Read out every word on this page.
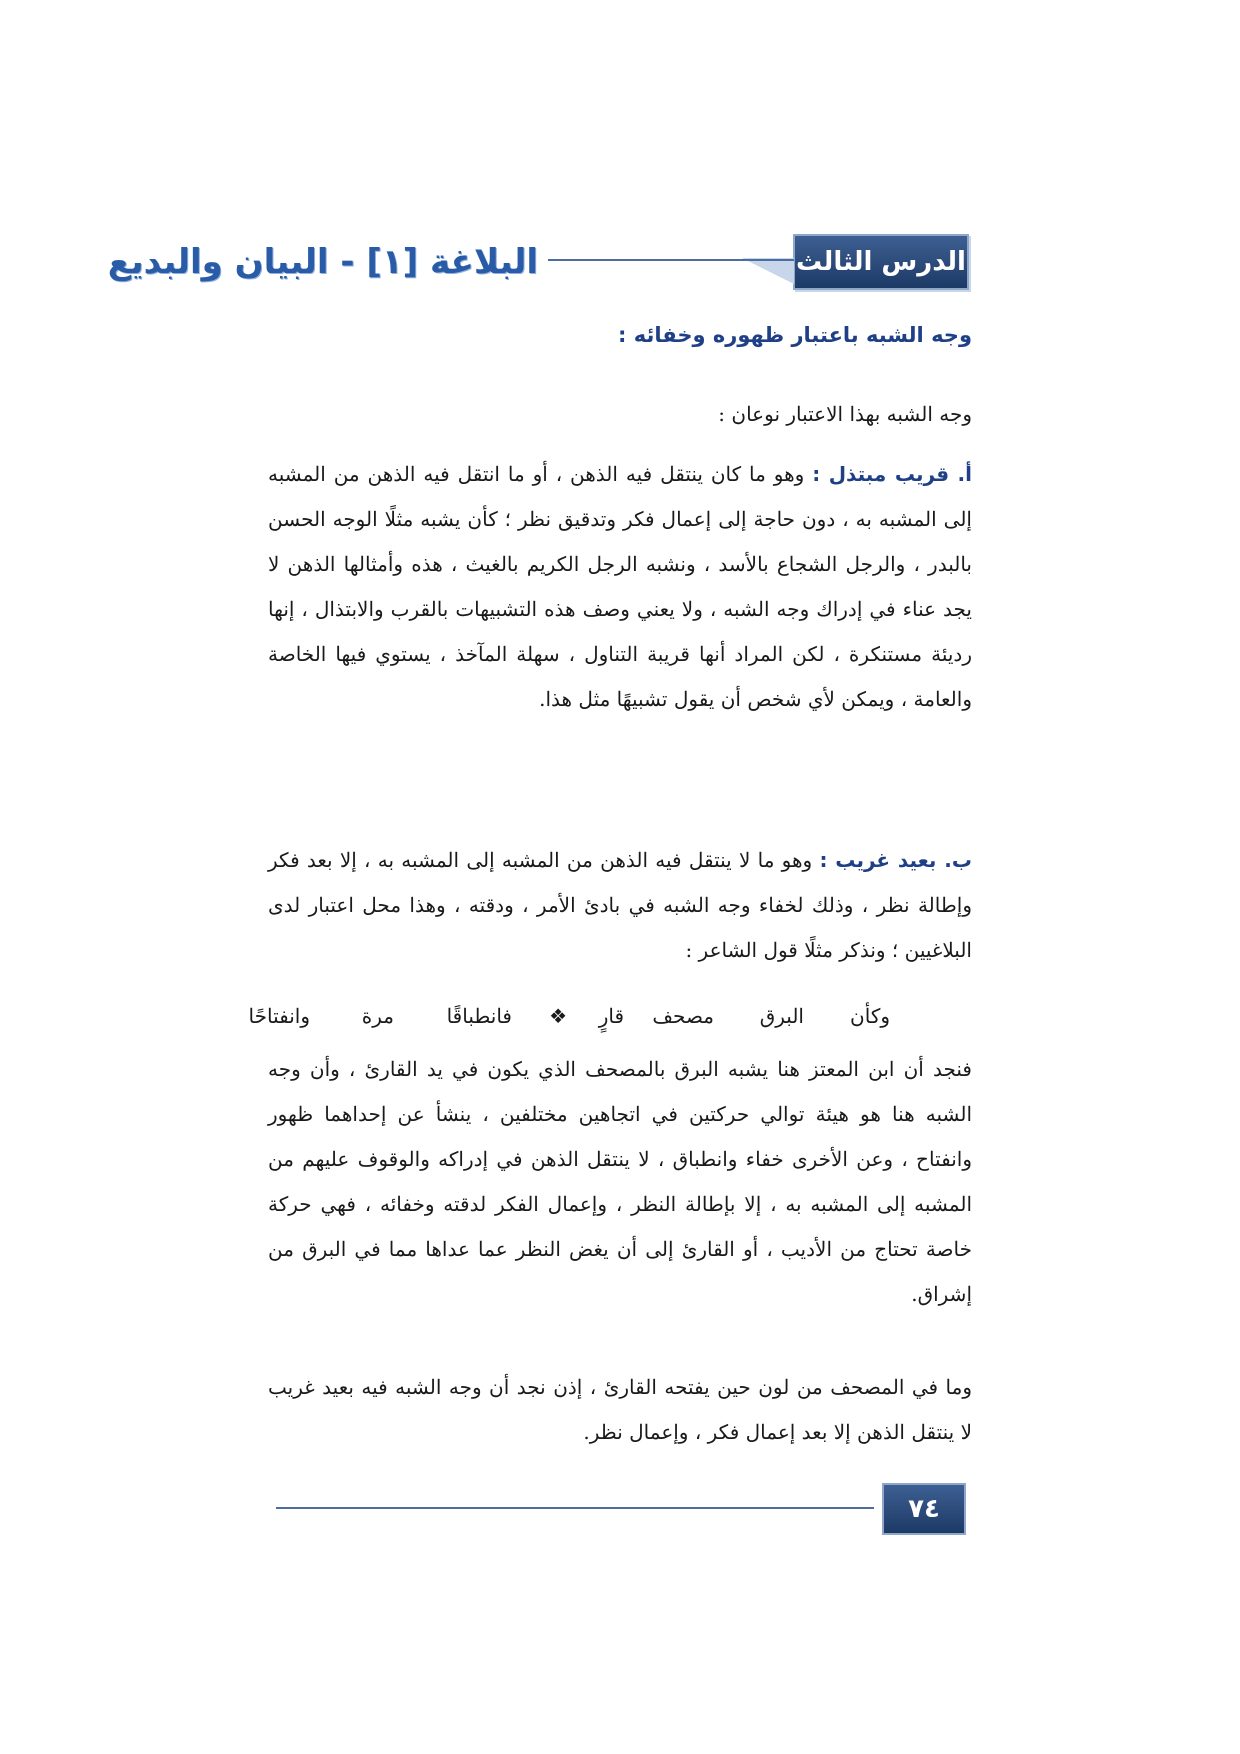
الدرس الثالث
البلاغة [١] - البيان والبديع
وجه الشبه باعتبار ظهوره وخفائه :
وجه الشبه بهذا الاعتبار نوعان :
أ. قريب مبتذل : وهو ما كان ينتقل فيه الذهن ، أو ما انتقل فيه الذهن من المشبه إلى المشبه به ، دون حاجة إلى إعمال فكر وتدقيق نظر ؛ كأن يشبه مثلًا الوجه الحسن بالبدر ، والرجل الشجاع بالأسد ، ونشبه الرجل الكريم بالغيث ، هذه وأمثالها الذهن لا يجد عناء في إدراك وجه الشبه ، ولا يعني وصف هذه التشبيهات بالقرب والابتذال ، إنها رديئة مستنكرة ، لكن المراد أنها قريبة التناول ، سهلة المآخذ ، يستوي فيها الخاصة والعامة ، ويمكن لأي شخص أن يقول تشبيهًا مثل هذا.
ب. بعيد غريب : وهو ما لا ينتقل فيه الذهن من المشبه إلى المشبه به ، إلا بعد فكر وإطالة نظر ، وذلك لخفاء وجه الشبه في بادئ الأمر ، ودقته ، وهذا محل اعتبار لدى البلاغيين ؛ ونذكر مثلًا قول الشاعر :
وكأن
البرق
مصحف
قارٍ
❖
فانطباقًا
مرة
وانفتاحًا
فنجد أن ابن المعتز هنا يشبه البرق بالمصحف الذي يكون في يد القارئ ، وأن وجه الشبه هنا هو هيئة توالي حركتين في اتجاهين مختلفين ، ينشأ عن إحداهما ظهور وانفتاح ، وعن الأخرى خفاء وانطباق ، لا ينتقل الذهن في إدراكه والوقوف عليهم من المشبه إلى المشبه به ، إلا بإطالة النظر ، وإعمال الفكر لدقته وخفائه ، فهي حركة خاصة تحتاج من الأديب ، أو القارئ إلى أن يغض النظر عما عداها مما في البرق من إشراق.
وما في المصحف من لون حين يفتحه القارئ ، إذن نجد أن وجه الشبه فيه بعيد غريب لا ينتقل الذهن إلا بعد إعمال فكر ، وإعمال نظر.
٧٤
